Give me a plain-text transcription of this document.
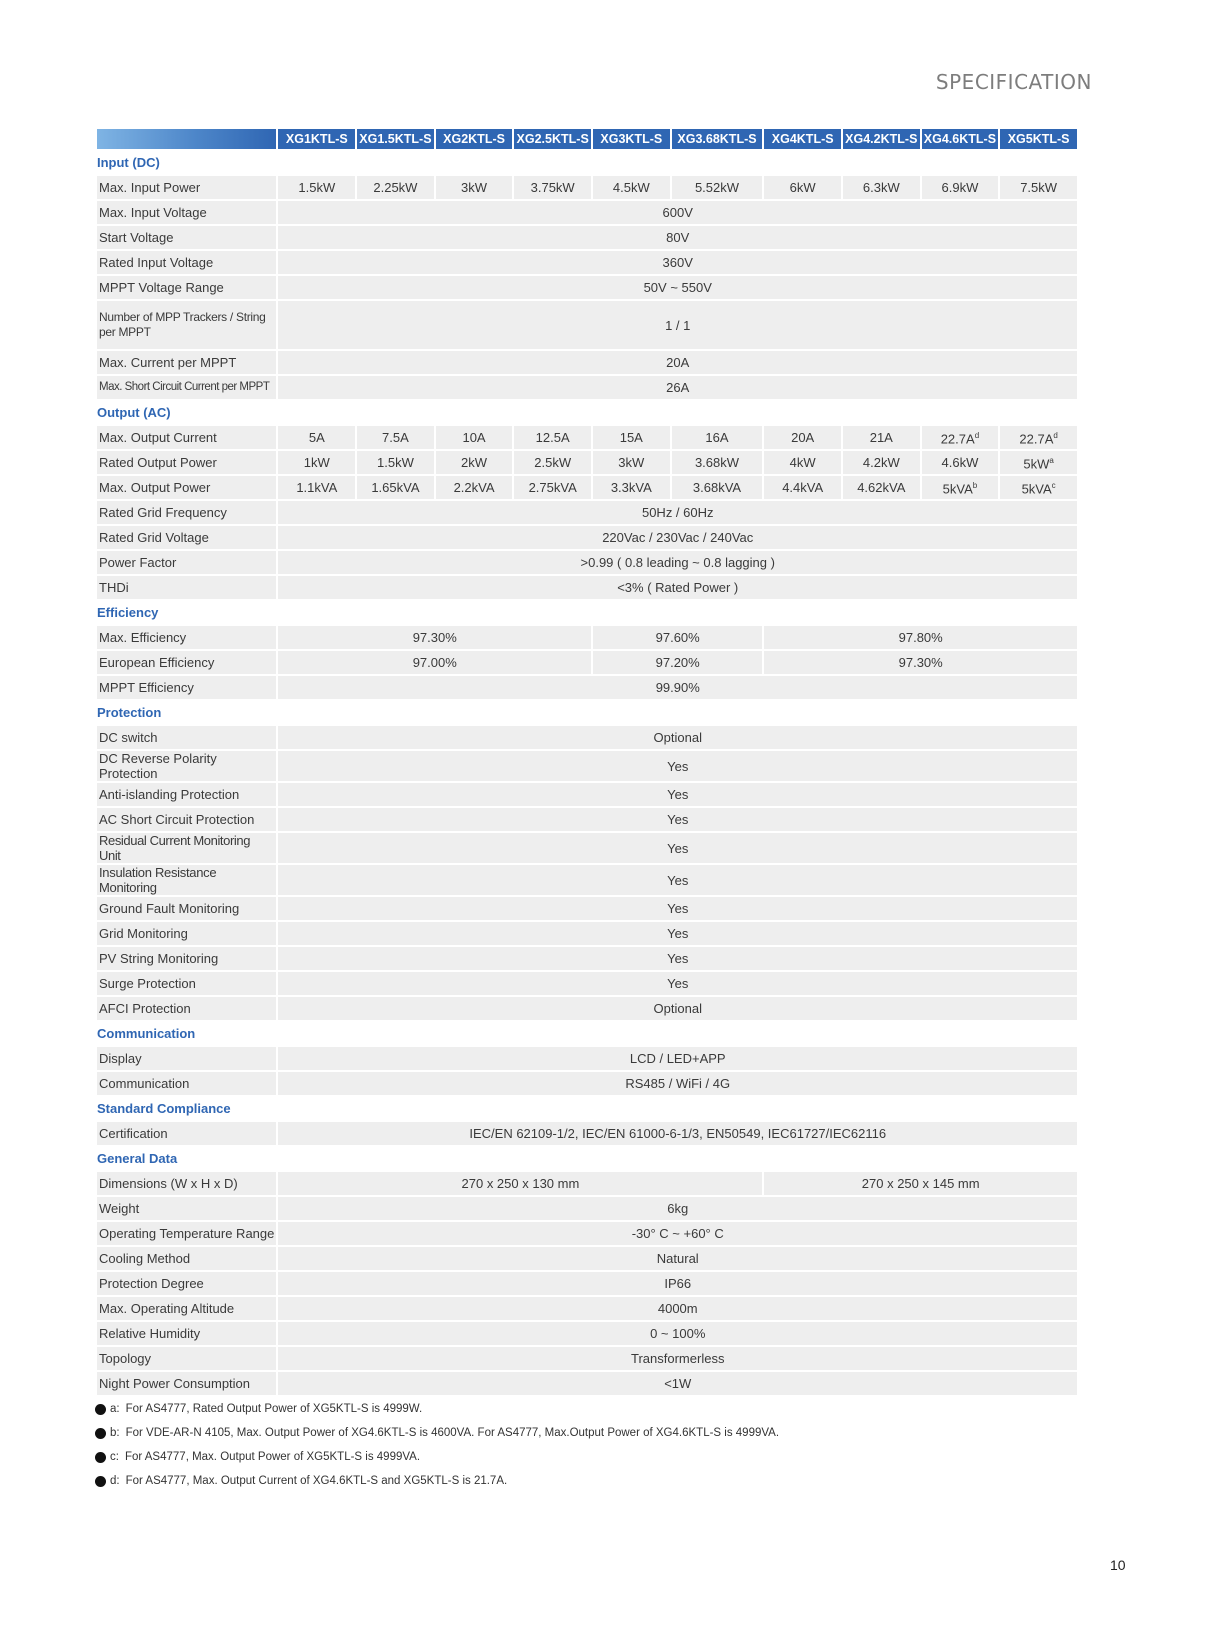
SPECIFICATION
	XG1KTL-S	XG1.5KTL-S	XG2KTL-S	XG2.5KTL-S	XG3KTL-S	XG3.68KTL-S	XG4KTL-S	XG4.2KTL-S	XG4.6KTL-S	XG5KTL-S
Input (DC)										
Max. Input Power	1.5kW	2.25kW	3kW	3.75kW	4.5kW	5.52kW	6kW	6.3kW	6.9kW	7.5kW
Max. Input Voltage	600V									
Start Voltage	80V									
Rated Input Voltage	360V									
MPPT Voltage Range	50V ~ 550V									
Number of MPP Trackers / String per MPPT	1 / 1									
Max. Current per MPPT	20A									
Max. Short Circuit Current per MPPT	26A									
Output (AC)										
Max. Output Current	5A	7.5A	10A	12.5A	15A	16A	20A	21A	$22.7A^d$	$22.7A^d$
Rated Output Power	1kW	1.5kW	2kW	2.5kW	3kW	3.68kW	4kW	4.2kW	4.6kW	$5kW^a$
Max. Output Power	1.1kVA	1.65kVA	2.2kVA	2.75kVA	3.3kVA	3.68kVA	4.4kVA	4.62kVA	5kVA$^b$	5kVA$^c$
Rated Grid Frequency	50Hz / 60Hz									
Rated Grid Voltage	220Vac / 230Vac / 240Vac									
Power Factor	>0.99 ( 0.8 leading ~ 0.8 lagging )									
THDi	<3% ( Rated Power )									
Efficiency										
Max. Efficiency	97.30%				97.60%		97.80%			
European Efficiency	97.00%				97.20%		97.30%			
MPPT Efficiency	99.90%									
Protection										
DC switch	Optional									
DC Reverse Polarity Protection	Yes									
Anti-islanding Protection	Yes									
AC Short Circuit Protection	Yes									
Residual Current Monitoring Unit	Yes									
Insulation Resistance Monitoring	Yes									
Ground Fault Monitoring	Yes									
Grid Monitoring	Yes									
PV String Monitoring	Yes									
Surge Protection	Yes									
AFCI Protection	Optional									
Communication										
Display	LCD / LED+APP									
Communication	RS485 / WiFi / 4G									
Standard Compliance										
Certification	IEC/EN 62109-1/2, IEC/EN 61000-6-1/3, EN50549, IEC61727/IEC62116									
General Data										
Dimensions (W x H x D)	270 x 250 x 130 mm						270 x 250 x 145 mm			
Weight	6kg									
Operating Temperature Range	-30° C ~ +60° C									
Cooling Method	Natural									
Protection Degree	IP66									
Max. Operating Altitude	4000m									
Relative Humidity	0 ~ 100%									
Topology	Transformerless									
Night Power Consumption	<1W									
a: For AS4777, Rated Output Power of XG5KTL-S is 4999W.
b: For VDE-AR-N 4105, Max. Output Power of XG4.6KTL-S is 4600VA. For AS4777, Max.Output Power of XG4.6KTL-S is 4999VA.
c: For AS4777, Max. Output Power of XG5KTL-S is 4999VA.
d: For AS4777, Max. Output Current of XG4.6KTL-S and XG5KTL-S is 21.7A.
10
